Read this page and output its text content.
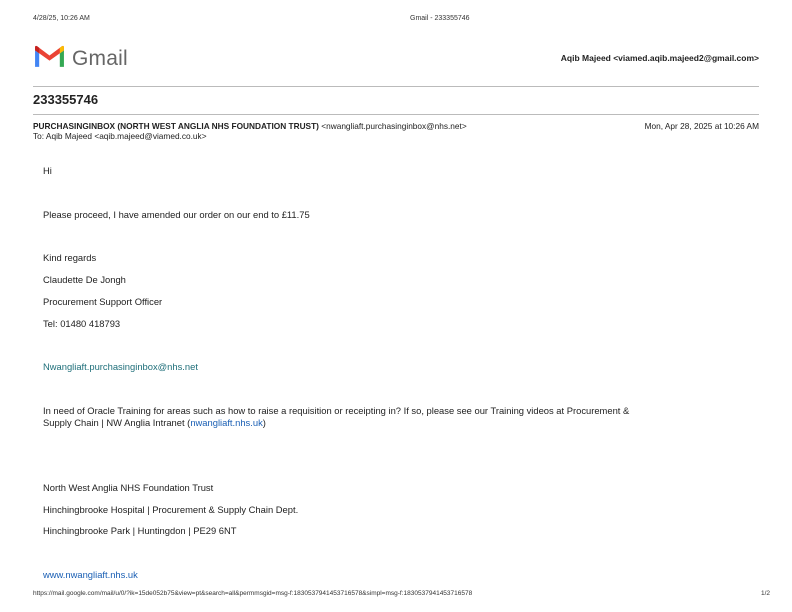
4/28/25, 10:26 AM	Gmail - 233355746
Gmail	Aqib Majeed <viamed.aqib.majeed2@gmail.com>
233355746
PURCHASINGINBOX (NORTH WEST ANGLIA NHS FOUNDATION TRUST) <nwangliaft.purchasinginbox@nhs.net>	Mon, Apr 28, 2025 at 10:26 AM
To: Aqib Majeed <aqib.majeed@viamed.co.uk>
Hi
Please proceed, I have amended our order on our end to £11.75
Kind regards
Claudette De Jongh
Procurement Support Officer
Tel: 01480 418793
Nwangliaft.purchasinginbox@nhs.net
In need of Oracle Training for areas such as how to raise a requisition or receipting in? If so, please see our Training videos at Procurement &
Supply Chain | NW Anglia Intranet (nwangliaft.nhs.uk)
North West Anglia NHS Foundation Trust
Hinchingbrooke Hospital | Procurement & Supply Chain Dept.
Hinchingbrooke Park | Huntingdon | PE29 6NT
www.nwangliaft.nhs.uk
https://mail.google.com/mail/u/0/?ik=15de052b75&view=pt&search=all&permmsgid=msg-f:1830537941453716578&simpl=msg-f:1830537941453716578	1/2
